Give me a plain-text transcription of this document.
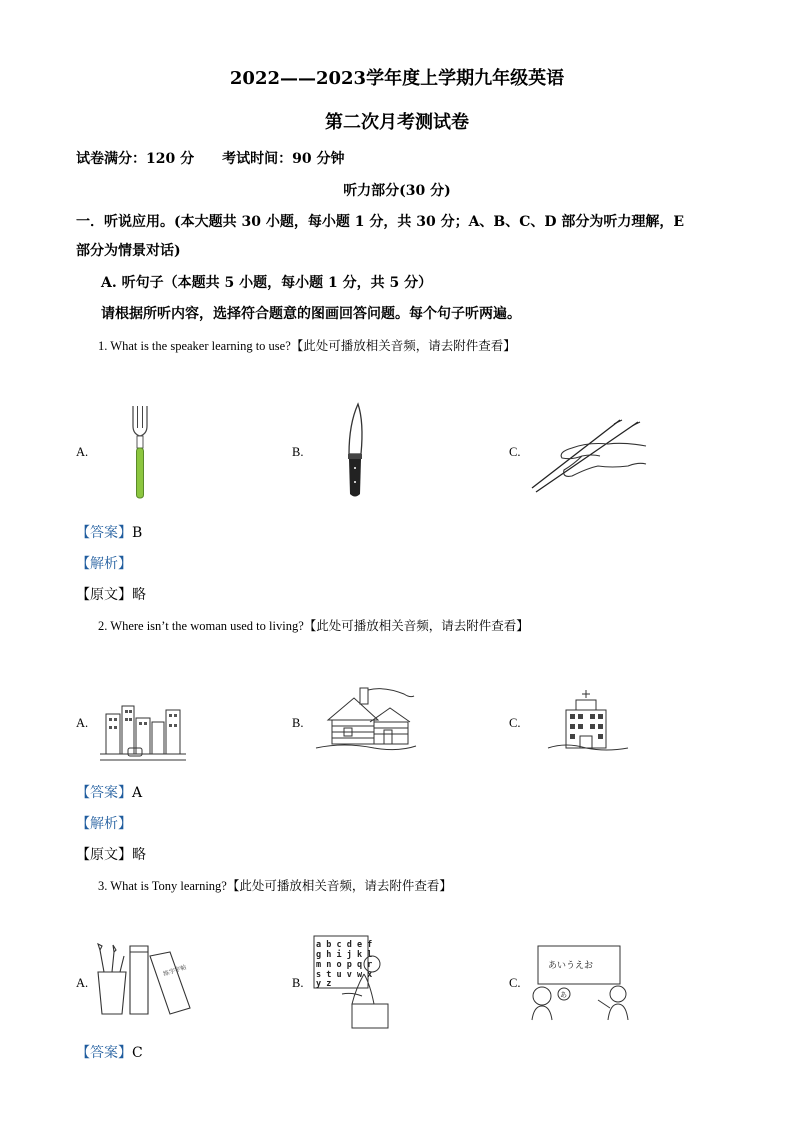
2022——2023学年度上学期九年级英语
第二次月考测试卷
试卷满分：120 分　　考试时间：90 分钟
听力部分(30 分)
一．听说应用。(本大题共 30 小题，每小题 1 分，共 30 分；A、B、C、D 部分为听力理解，E
部分为情景对话)
A. 听句子（本题共 5 小题，每小题 1 分，共 5 分）
请根据所听内容，选择符合题意的图画回答问题。每个句子听两遍。
1. What is the speaker learning to use?【此处可播放相关音频，请去附件查看】
A.	B.	C.
【答案】B
【解析】
【原文】略
2. Where isn’t the woman used to living?【此处可播放相关音频，请去附件查看】
A.	B.	C.
【答案】A
【解析】
【原文】略
3. What is Tony learning?【此处可播放相关音频，请去附件查看】
A.
练字字帖
B.
a b c d e f
g h i j k l
m n o p q r
s t u v w x
y z	C.
あいうえお
あ
【答案】C
